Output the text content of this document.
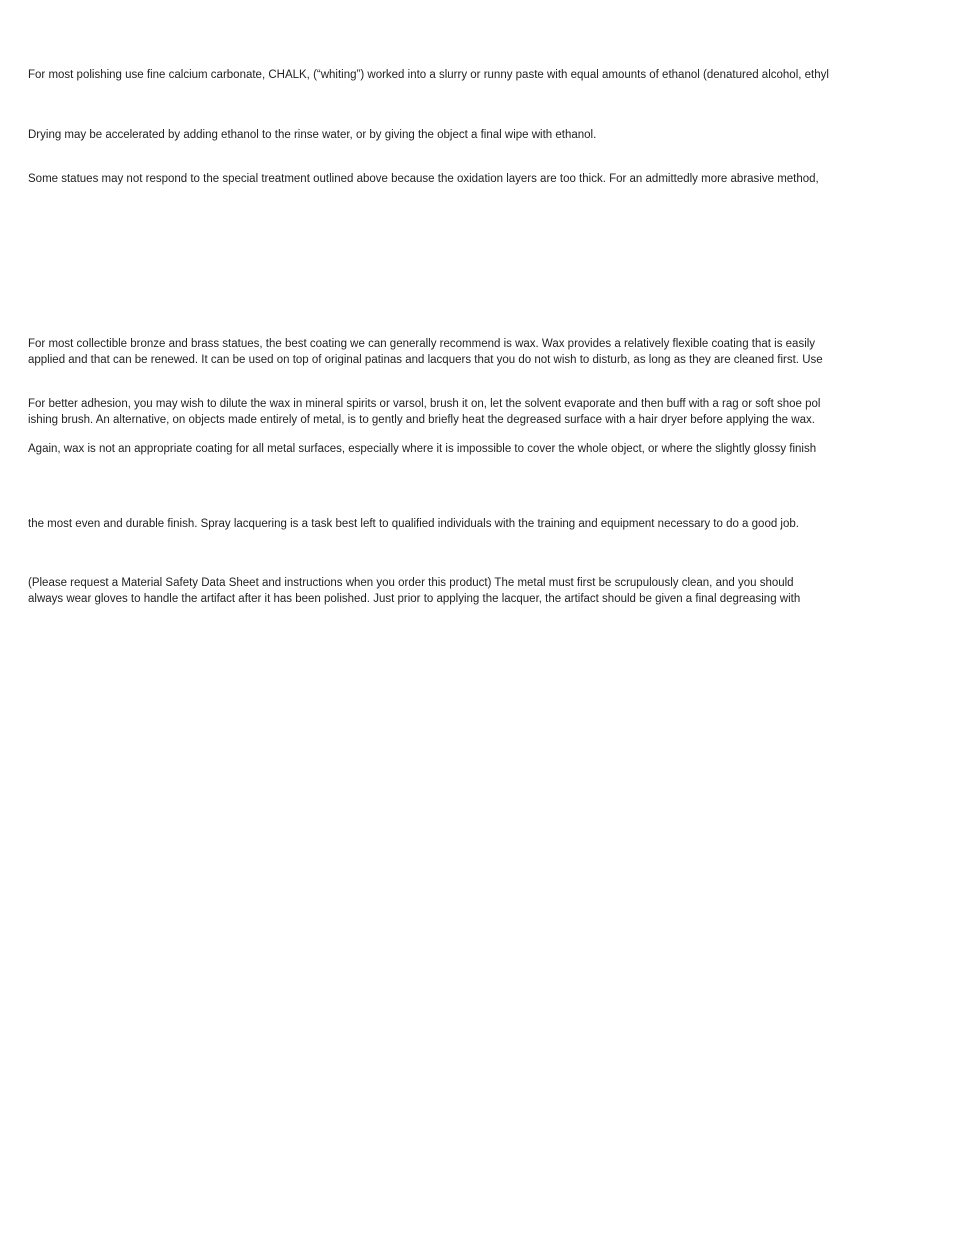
For most polishing use fine calcium carbonate, CHALK, (“whiting”) worked into a slurry or runny paste with equal amounts of ethanol (denatured alcohol, ethyl

Drying may be accelerated by adding ethanol to the rinse water, or by giving the object a final wipe with ethanol.

Some statues may not respond to the special treatment outlined above because the oxidation layers are too thick. For an admittedly more abrasive method,

For most collectible bronze and brass statues, the best coating we can generally recommend is wax. Wax provides a relatively flexible coating that is easily
applied and that can be renewed. It can be used on top of original patinas and lacquers that you do not wish to disturb, as long as they are cleaned first. Use

For better adhesion, you may wish to dilute the wax in mineral spirits or varsol, brush it on, let the solvent evaporate and then buff with a rag or soft shoe pol
ishing brush. An alternative, on objects made entirely of metal, is to gently and briefly heat the degreased surface with a hair dryer before applying the wax.

Again, wax is not an appropriate coating for all metal surfaces, especially where it is impossible to cover the whole object, or where the slightly glossy finish

the most even and durable finish. Spray lacquering is a task best left to qualified individuals with the training and equipment necessary to do a good job.

(Please request a Material Safety Data Sheet and instructions when you order this product) The metal must first be scrupulously clean, and you should
always wear gloves to handle the artifact after it has been polished. Just prior to applying the lacquer, the artifact should be given a final degreasing with
